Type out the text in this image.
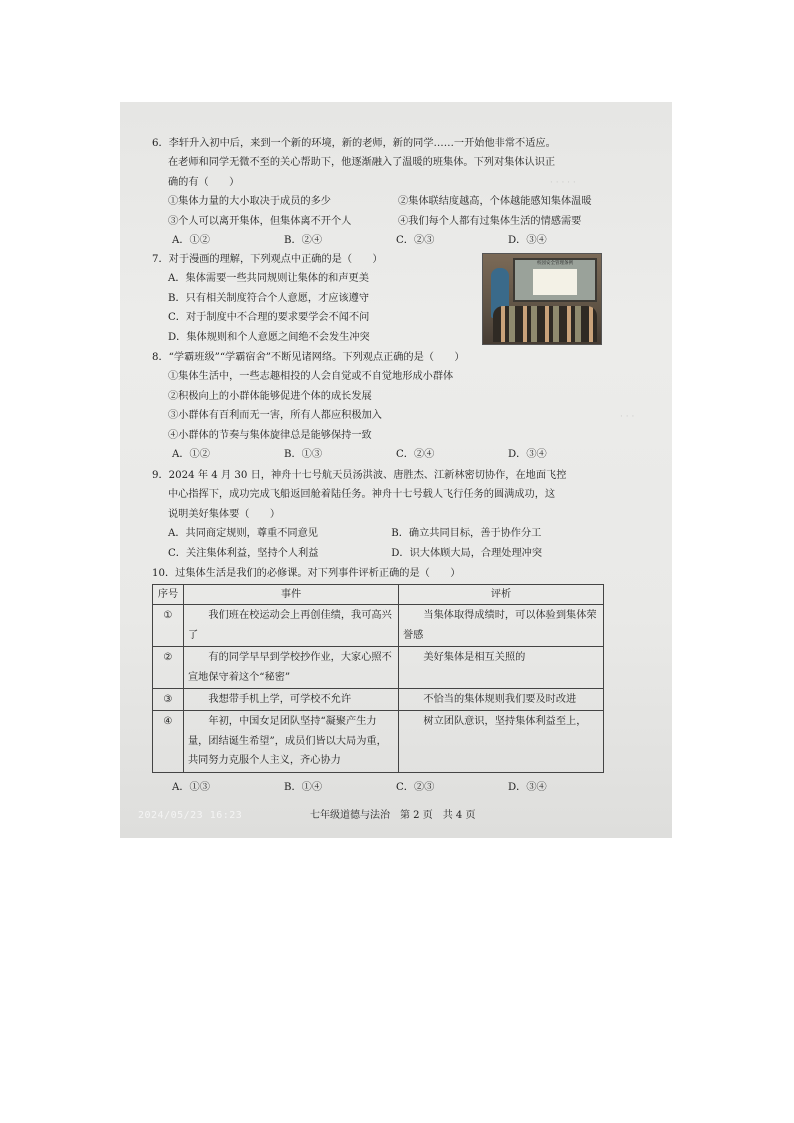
· · · · ·
· · ·
6．李轩升入初中后，来到一个新的环境，新的老师，新的同学……一开始他非常不适应。
在老师和同学无微不至的关心帮助下，他逐渐融入了温暖的班集体。下列对集体认识正
确的有（　　）
①集体力量的大小取决于成员的多少	②集体联结度越高，个体越能感知集体温暖
③个人可以离开集体，但集体离不开个人	④我们每个人都有过集体生活的情感需要
A．①②	B．②④	C．②③	D．③④
7．对于漫画的理解，下列观点中正确的是（　　）
A．集体需要一些共同规则让集体的和声更美
B．只有相关制度符合个人意愿，才应该遵守
C．对于制度中不合理的要求要学会不闻不问
D．集体规则和个人意愿之间绝不会发生冲突
校园安全管理条例
8．“学霸班级”“学霸宿舍”不断见诸网络。下列观点正确的是（　　）
①集体生活中，一些志趣相投的人会自觉或不自觉地形成小群体
②积极向上的小群体能够促进个体的成长发展
③小群体有百利而无一害，所有人都应积极加入
④小群体的节奏与集体旋律总是能够保持一致
A．①②	B．①③	C．②④	D．③④
9．2024 年 4 月 30 日，神舟十七号航天员汤洪波、唐胜杰、江新林密切协作，在地面飞控
中心指挥下，成功完成飞船返回舱着陆任务。神舟十七号载人飞行任务的圆满成功，这
说明美好集体要（　　）
A．共同商定规则，尊重不同意见	B．确立共同目标，善于协作分工
C．关注集体利益，坚持个人利益	D．识大体顾大局，合理处理冲突
10．过集体生活是我们的必修课。对下列事件评析正确的是（　　）
序号	事件	评析
①	我们班在校运动会上再创佳绩，我可高兴了	当集体取得成绩时，可以体验到集体荣誉感

②	有的同学早早到学校抄作业，大家心照不宣地保守着这个“秘密”	美好集体是相互关照的

③	我想带手机上学，可学校不允许	不恰当的集体规则我们要及时改进

④	年初，中国女足团队坚持“凝聚产生力量，团结诞生希望”，成员们皆以大局为重，共同努力克服个人主义，齐心协力	树立团队意识，坚持集体利益至上，
A．①③	B．①④	C．②③	D．③④
2024/05/23 16:23	七年级道德与法治　第 2 页　共 4 页
